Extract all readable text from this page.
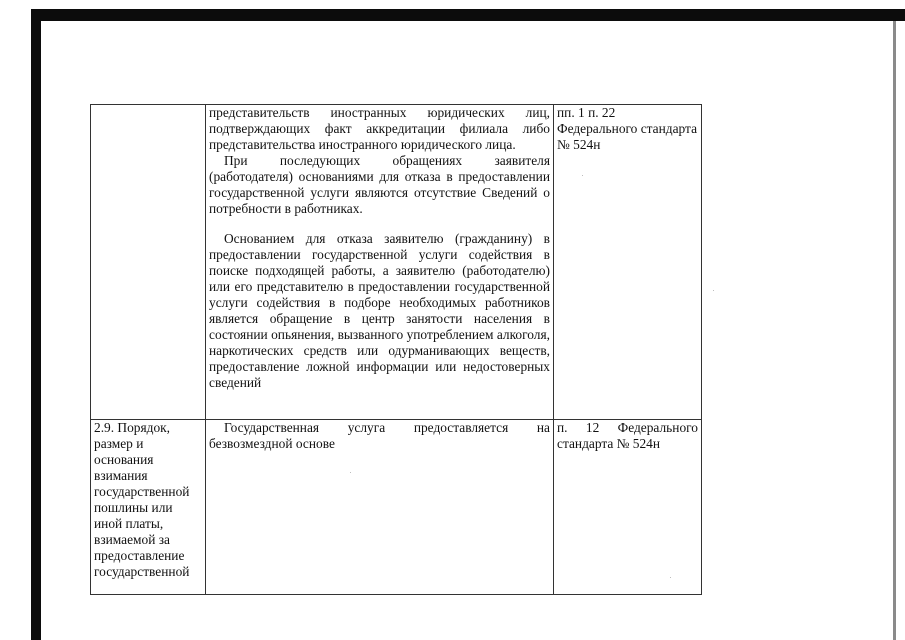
	представительств иностранных юридических лиц, подтверждающих факт аккредитации филиала либо представительства иностранного юридического лица.

При последующих обращениях заявителя (работодателя) основаниями для отказа в предоставлении государственной услуги являются отсутствие Сведений о потребности в работниках.

Основанием для отказа заявителю (гражданину) в предоставлении государственной услуги содействия в поиске подходящей работы, а заявителю (работодателю) или его представителю в предоставлении государственной услуги содействия в подборе необходимых работников является обращение в центр занятости населения в состоянии опьянения, вызванного употреблением алкоголя, наркотических средств или одурманивающих веществ, предоставление ложной информации или недостоверных сведений	пп. 1 п. 22 Федерального стандарта № 524н
2.9. Порядок, размер и основания взимания государственной пошлины или иной платы, взимаемой за предоставление государственной	Государственная услуга предоставляется на безвозмездной основе	п. 12 Федерального стандарта № 524н
